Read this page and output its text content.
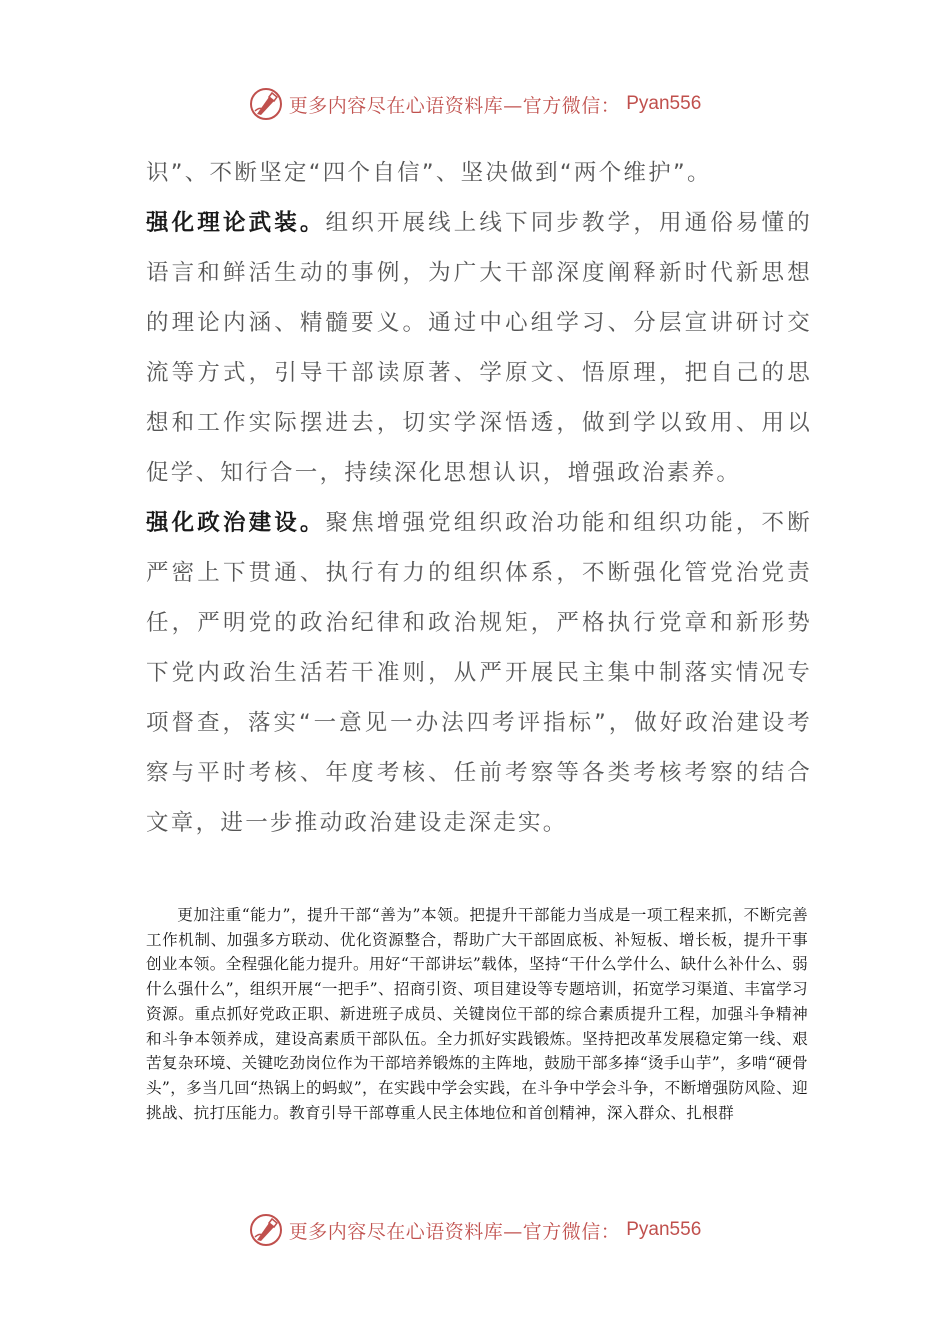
更多内容尽在心语资料库—官方微信： Pyan556

识”、不断坚定“四个自信”、坚决做到“两个维护”。

强化理论武装。组织开展线上线下同步教学，用通俗易懂的语言和鲜活生动的事例，为广大干部深度阐释新时代新思想的理论内涵、精髓要义。通过中心组学习、分层宣讲研讨交流等方式，引导干部读原著、学原文、悟原理，把自己的思想和工作实际摆进去，切实学深悟透，做到学以致用、用以促学、知行合一，持续深化思想认识，增强政治素养。

强化政治建设。聚焦增强党组织政治功能和组织功能，不断严密上下贯通、执行有力的组织体系，不断强化管党治党责任，严明党的政治纪律和政治规矩，严格执行党章和新形势下党内政治生活若干准则，从严开展民主集中制落实情况专项督查，落实“一意见一办法四考评指标”，做好政治建设考察与平时考核、年度考核、任前考察等各类考核考察的结合文章，进一步推动政治建设走深走实。

更加注重“能力”，提升干部“善为”本领。把提升干部能力当成是一项工程来抓，不断完善工作机制、加强多方联动、优化资源整合，帮助广大干部固底板、补短板、增长板，提升干事创业本领。全程强化能力提升。用好“干部讲坛”载体，坚持“干什么学什么、缺什么补什么、弱什么强什么”，组织开展“一把手”、招商引资、项目建设等专题培训，拓宽学习渠道、丰富学习资源。重点抓好党政正职、新进班子成员、关键岗位干部的综合素质提升工程，加强斗争精神和斗争本领养成，建设高素质干部队伍。全力抓好实践锻炼。坚持把改革发展稳定第一线、艰苦复杂环境、关键吃劲岗位作为干部培养锻炼的主阵地，鼓励干部多捧“烫手山芋”，多啃“硬骨头”，多当几回“热锅上的蚂蚁”，在实践中学会实践，在斗争中学会斗争，不断增强防风险、迎挑战、抗打压能力。教育引导干部尊重人民主体地位和首创精神，深入群众、扎根群

更多内容尽在心语资料库—官方微信： Pyan556
